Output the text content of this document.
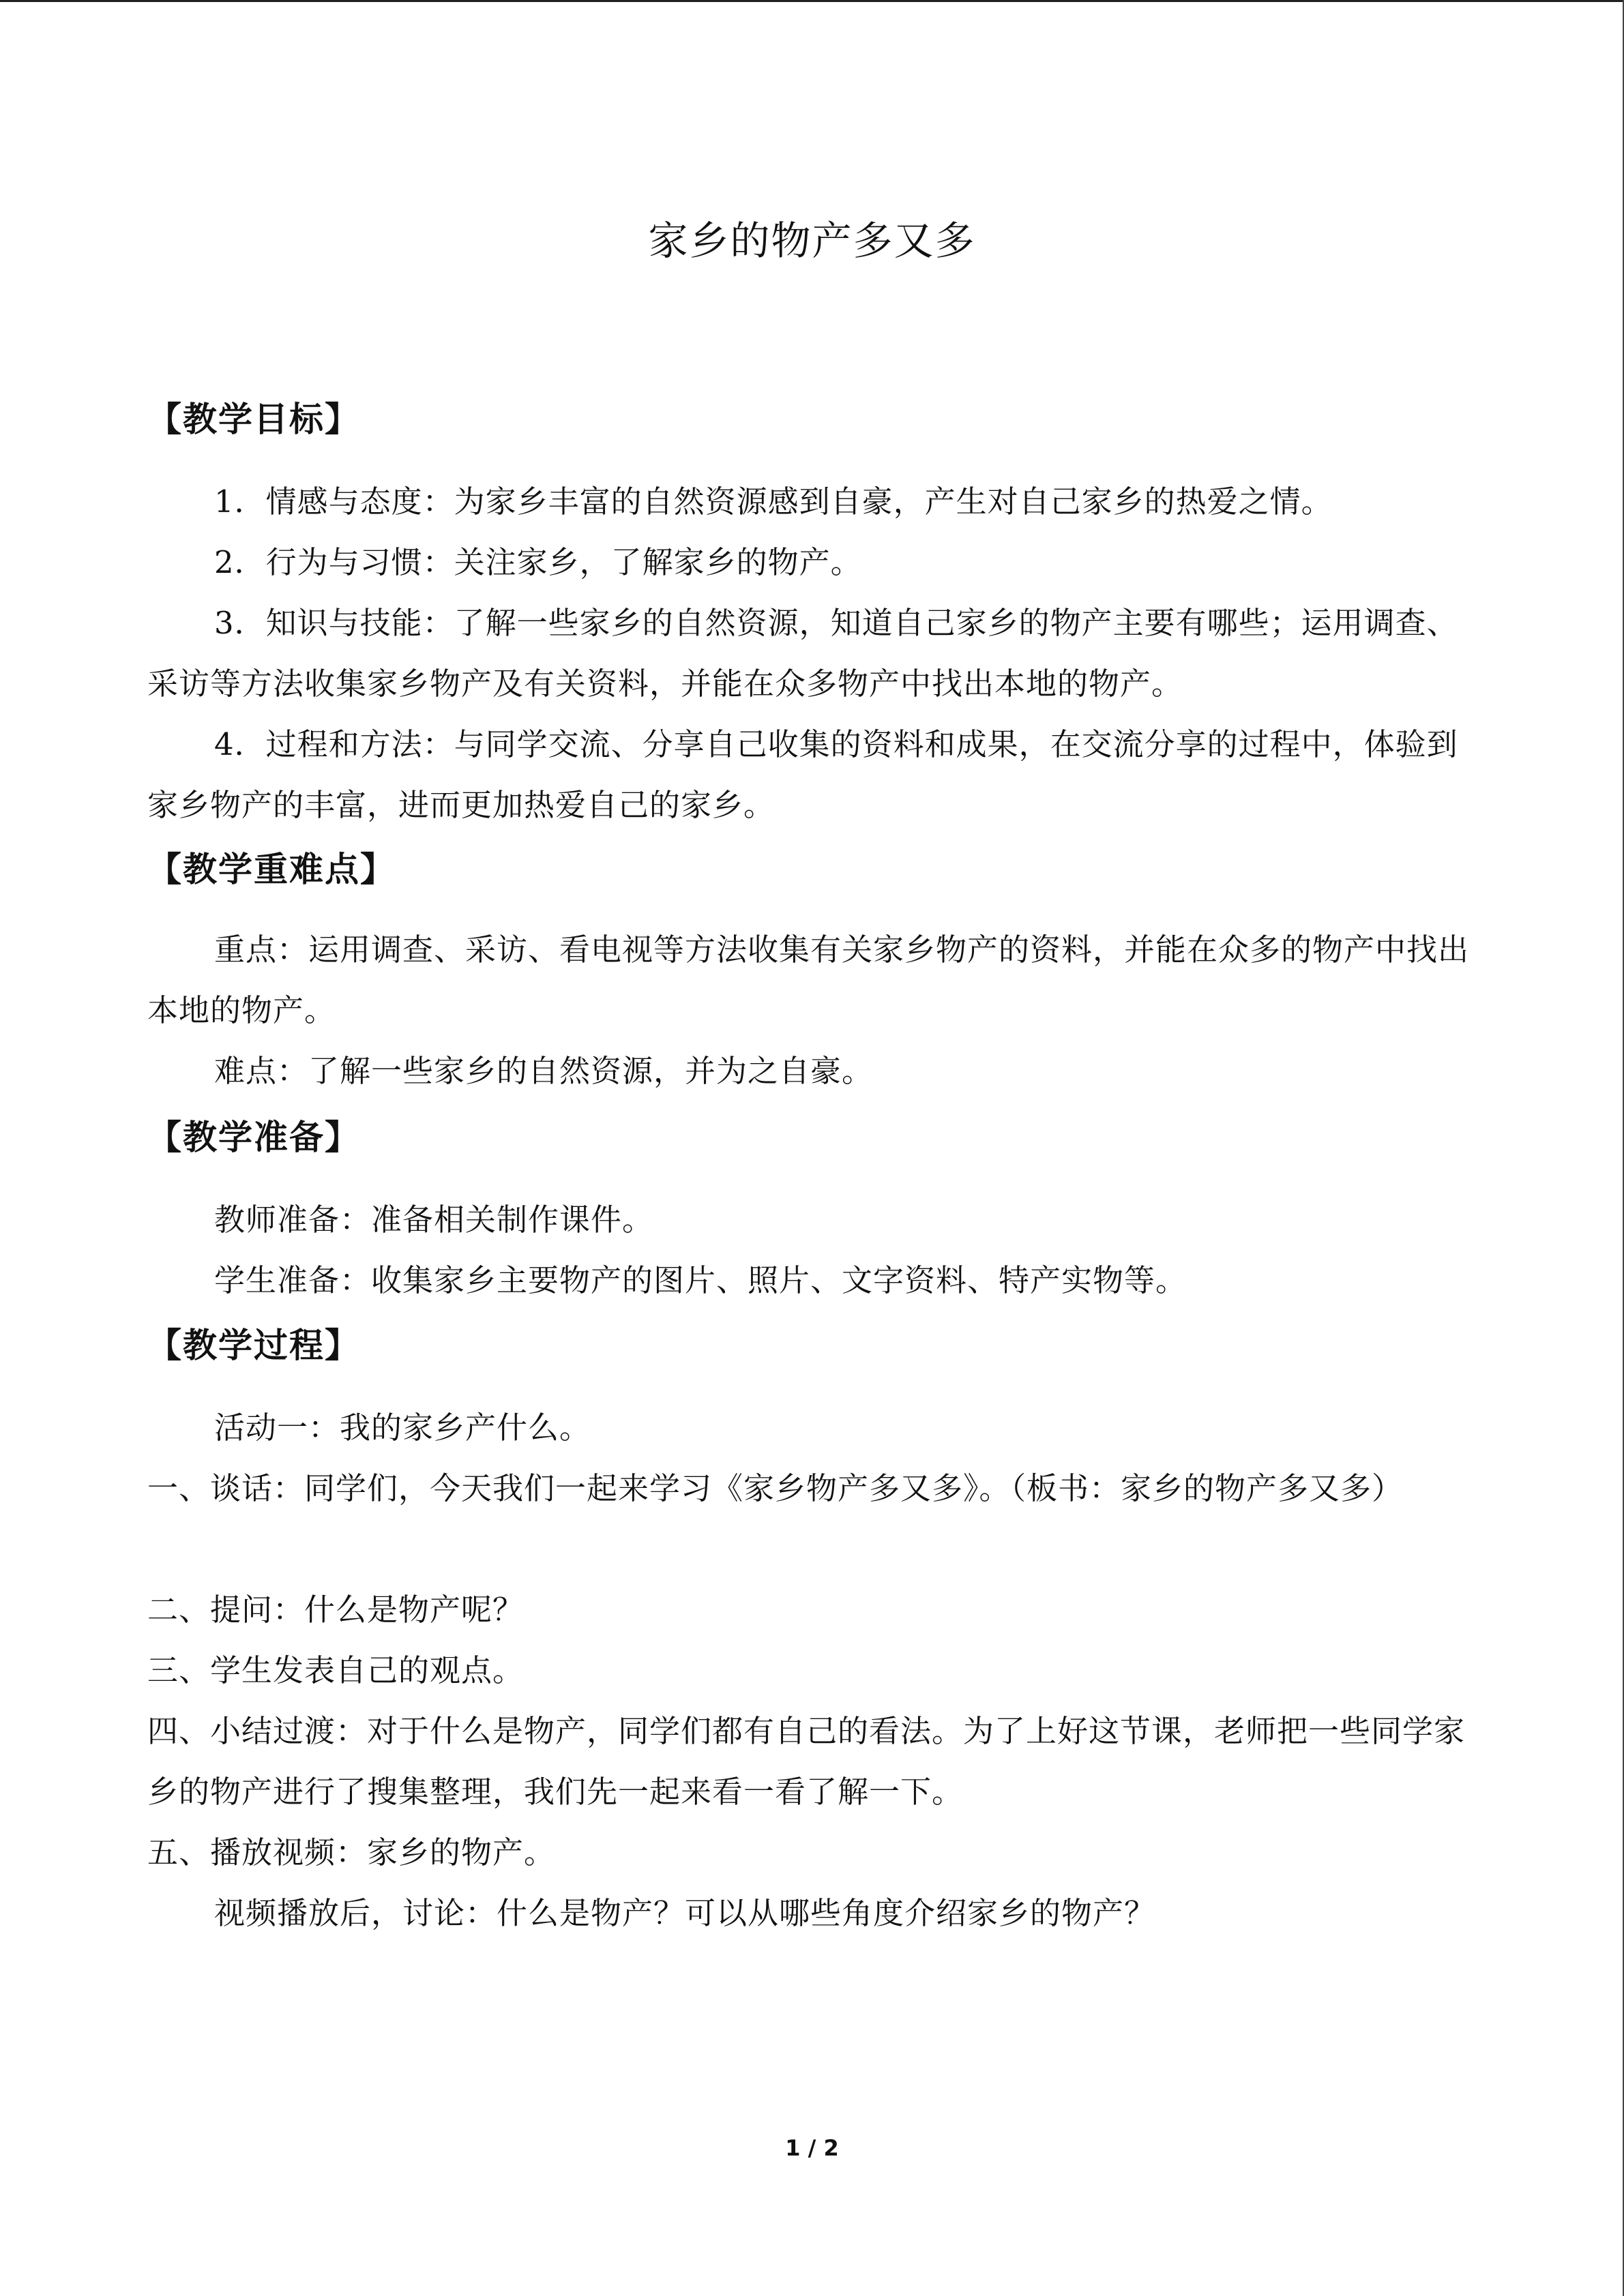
家乡的物产多又多
【教学目标】

1．情感与态度：为家乡丰富的自然资源感到自豪，产生对自己家乡的热爱之情。

2．行为与习惯：关注家乡，了解家乡的物产。

3．知识与技能：了解一些家乡的自然资源，知道自己家乡的物产主要有哪些；运用调查、采访等方法收集家乡物产及有关资料，并能在众多物产中找出本地的物产。

4．过程和方法：与同学交流、分享自己收集的资料和成果，在交流分享的过程中，体验到家乡物产的丰富，进而更加热爱自己的家乡。

【教学重难点】

重点：运用调查、采访、看电视等方法收集有关家乡物产的资料，并能在众多的物产中找出本地的物产。

难点：了解一些家乡的自然资源，并为之自豪。

【教学准备】

教师准备：准备相关制作课件。

学生准备：收集家乡主要物产的图片、照片、文字资料、特产实物等。

【教学过程】

活动一：我的家乡产什么。

一、谈话：同学们，今天我们一起来学习《家乡物产多又多》。（板书：家乡的物产多又多）

二、提问：什么是物产呢？

三、学生发表自己的观点。

四、小结过渡：对于什么是物产，同学们都有自己的看法。为了上好这节课，老师把一些同学家乡的物产进行了搜集整理，我们先一起来看一看了解一下。

五、播放视频：家乡的物产。

视频播放后，讨论：什么是物产？可以从哪些角度介绍家乡的物产？

1 / 2
